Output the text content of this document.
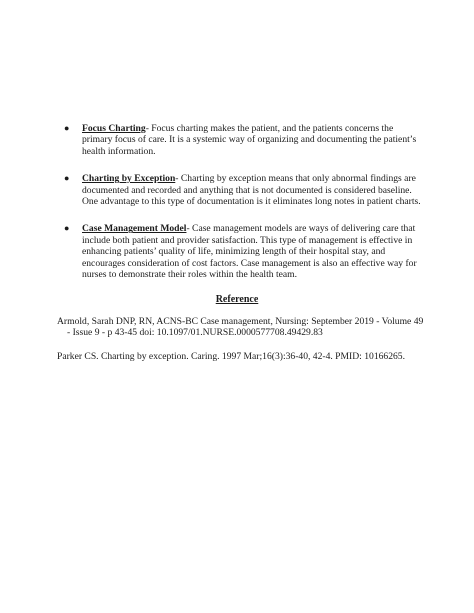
● Focus Charting- Focus charting makes the patient, and the patients concerns the primary focus of care. It is a systemic way of organizing and documenting the patient’s health information.
● Charting by Exception- Charting by exception means that only abnormal findings are documented and recorded and anything that is not documented is considered baseline. One advantage to this type of documentation is it eliminates long notes in patient charts.
● Case Management Model- Case management models are ways of delivering care that include both patient and provider satisfaction. This type of management is effective in enhancing patients’ quality of life, minimizing length of their hospital stay, and encourages consideration of cost factors. Case management is also an effective way for nurses to demonstrate their roles within the health team.
Reference

Armold, Sarah DNP, RN, ACNS-BC Case management, Nursing: September 2019 - Volume 49 - Issue 9 - p 43-45 doi: 10.1097/01.NURSE.0000577708.49429.83

Parker CS. Charting by exception. Caring. 1997 Mar;16(3):36-40, 42-4. PMID: 10166265.
